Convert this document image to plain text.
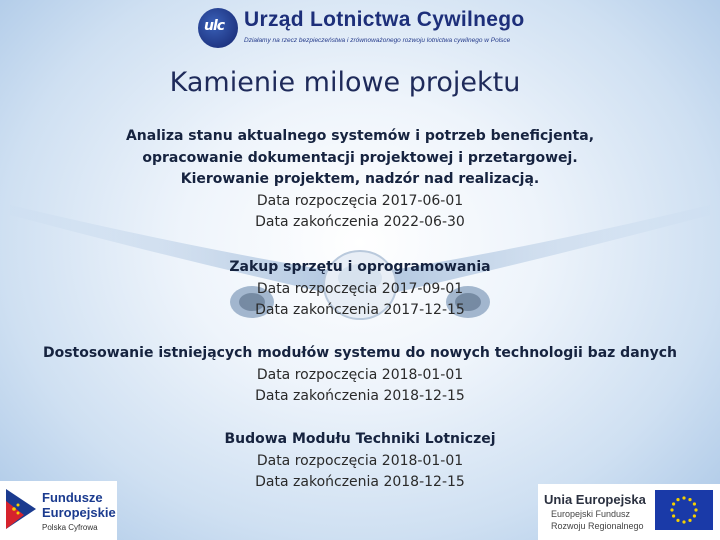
ulc Urząd Lotnictwa Cywilnego
Działamy na rzecz bezpieczeństwa i zrównoważonego rozwoju lotnictwa cywilnego w Polsce
Kamienie milowe projektu
Analiza stanu aktualnego systemów i potrzeb beneficjenta,
opracowanie dokumentacji projektowej i przetargowej.
Kierowanie projektem, nadzór nad realizacją.
Data rozpoczęcia 2017-06-01
Data zakończenia 2022-06-30
Zakup sprzętu i oprogramowania
Data rozpoczęcia 2017-09-01
Data zakończenia 2017-12-15
Dostosowanie istniejących modułów systemu do nowych technologii baz danych
Data rozpoczęcia 2018-01-01
Data zakończenia 2018-12-15
Budowa Modułu Techniki Lotniczej
Data rozpoczęcia 2018-01-01
Data zakończenia 2018-12-15
Fundusze
Europejskie
Polska Cyfrowa
Unia Europejska
Europejski Fundusz
Rozwoju Regionalnego
